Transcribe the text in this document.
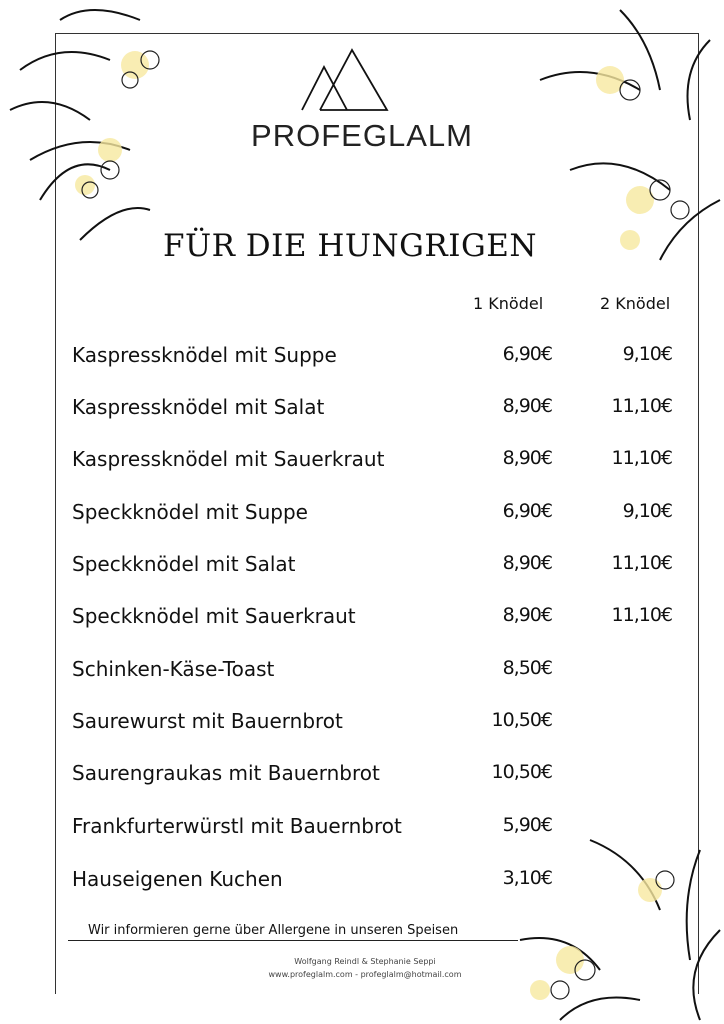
PROFEGLALM
FÜR DIE HUNGRIGEN
1 Knödel	2 Knödel
Kaspressknödel mit Suppe	6,90€	9,10€
Kaspressknödel mit Salat	8,90€	11,10€
Kaspressknödel mit Sauerkraut	8,90€	11,10€
Speckknödel mit Suppe	6,90€	9,10€
Speckknödel mit Salat	8,90€	11,10€
Speckknödel mit Sauerkraut	8,90€	11,10€
Schinken-Käse-Toast	8,50€
Saurewurst mit Bauernbrot	10,50€
Saurengraukas mit Bauernbrot	10,50€
Frankfurterwürstl mit Bauernbrot	5,90€
Hauseigenen Kuchen	3,10€
Wir informieren gerne über Allergene in unseren Speisen
Wolfgang Reindl & Stephanie Seppi
www.profeglalm.com - profeglalm@hotmail.com
